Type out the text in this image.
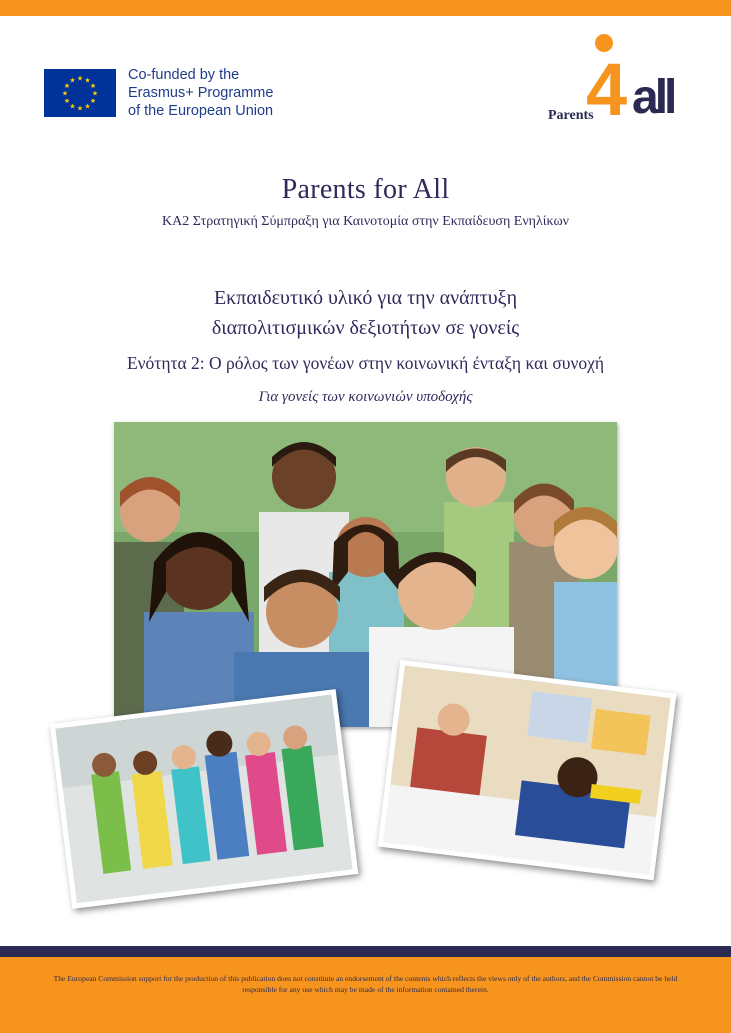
★ ★
★
★
★
★
★
★
★
★
★
★	Co-funded by the
Erasmus+ Programme
of the European Union	4 all
Parents
Parents for All
KA2 Στρατηγική Σύμπραξη για Καινοτομία στην Εκπαίδευση Ενηλίκων
Εκπαιδευτικό υλικό για την ανάπτυξη
διαπολιτισμικών δεξιοτήτων σε γονείς
Ενότητα 2: Ο ρόλος των γονέων στην κοινωνική ένταξη και συνοχή
Για γονείς των κοινωνιών υποδοχής
The European Commission support for the production of this publication does not constitute an endorsement of the contents which reflects the views only of the authors, and the Commission cannot be held
responsible for any use which may be made of the information contained therein.
